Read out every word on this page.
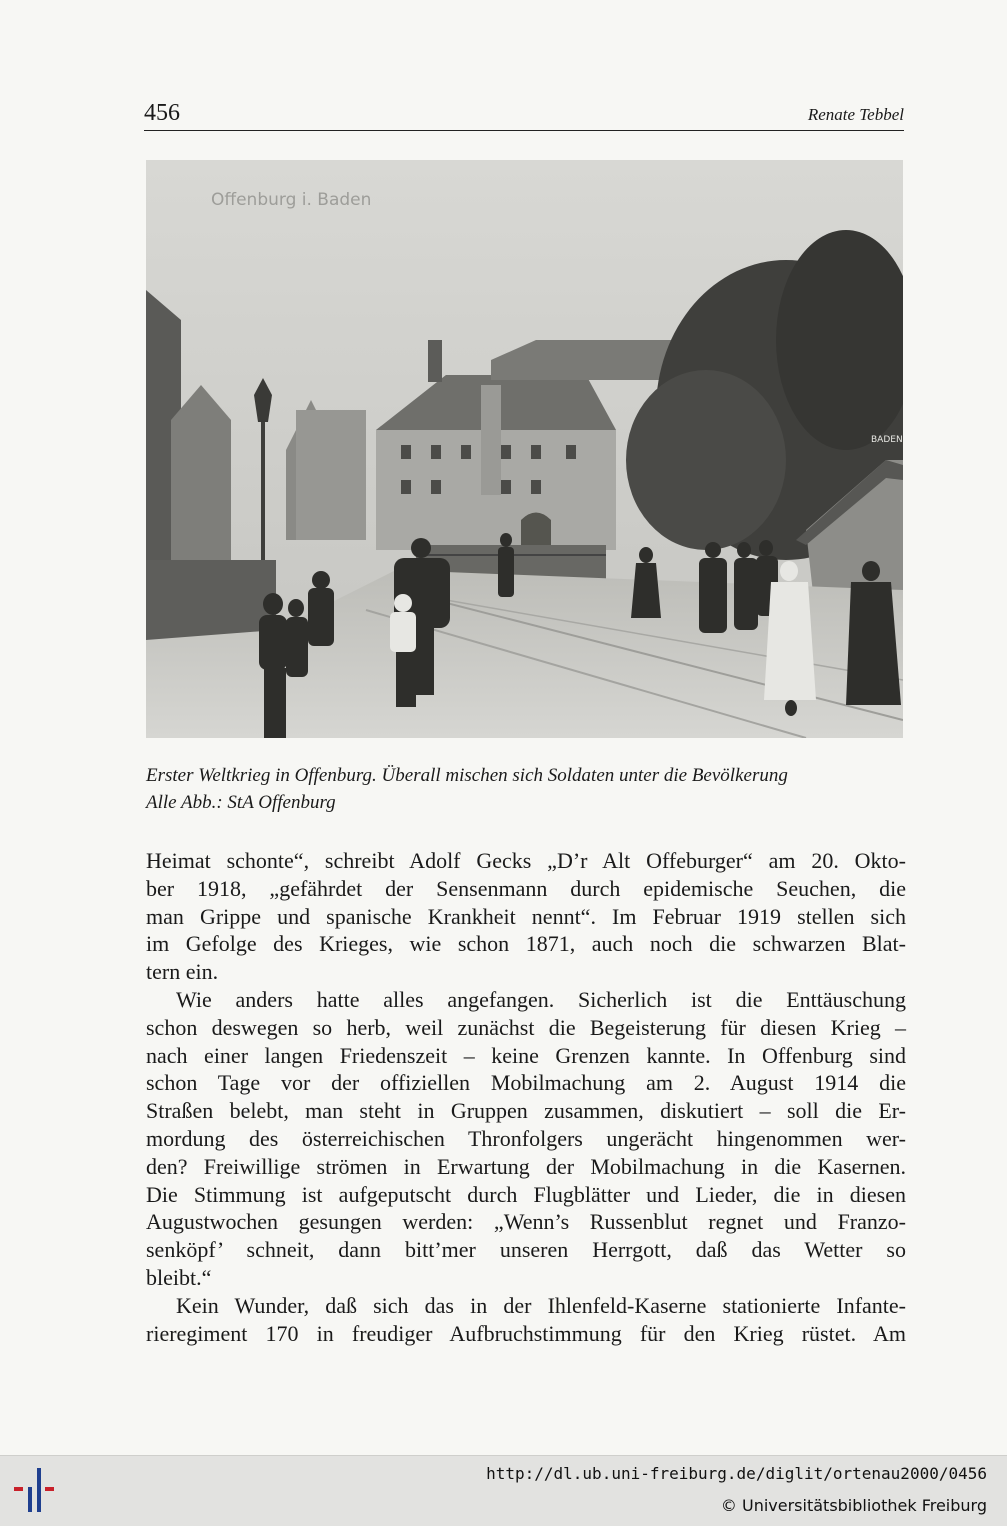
456	Renate Tebbel
Offenburg i. Baden
BADEN
Erster Weltkrieg in Offenburg. Überall mischen sich Soldaten unter die Bevölkerung
Alle Abb.: StA Offenburg
Heimat schonte“, schreibt Adolf Gecks „D’r Alt Offeburger“ am 20. Okto-
ber 1918, „gefährdet der Sensenmann durch epidemische Seuchen, die
man Grippe und spanische Krankheit nennt“. Im Februar 1919 stellen sich
im Gefolge des Krieges, wie schon 1871, auch noch die schwarzen Blat-
tern ein.
Wie anders hatte alles angefangen. Sicherlich ist die Enttäuschung
schon deswegen so herb, weil zunächst die Begeisterung für diesen Krieg –
nach einer langen Friedenszeit – keine Grenzen kannte. In Offenburg sind
schon Tage vor der offiziellen Mobilmachung am 2. August 1914 die
Straßen belebt, man steht in Gruppen zusammen, diskutiert – soll die Er-
mordung des österreichischen Thronfolgers ungerächt hingenommen wer-
den? Freiwillige strömen in Erwartung der Mobilmachung in die Kasernen.
Die Stimmung ist aufgeputscht durch Flugblätter und Lieder, die in diesen
Augustwochen gesungen werden: „Wenn’s Russenblut regnet und Franzo-
senköpf’ schneit, dann bitt’mer unseren Herrgott, daß das Wetter so
bleibt.“
Kein Wunder, daß sich das in der Ihlenfeld-Kaserne stationierte Infante-
rieregiment 170 in freudiger Aufbruchstimmung für den Krieg rüstet. Am
http://dl.ub.uni-freiburg.de/diglit/ortenau2000/0456
© Universitätsbibliothek Freiburg
